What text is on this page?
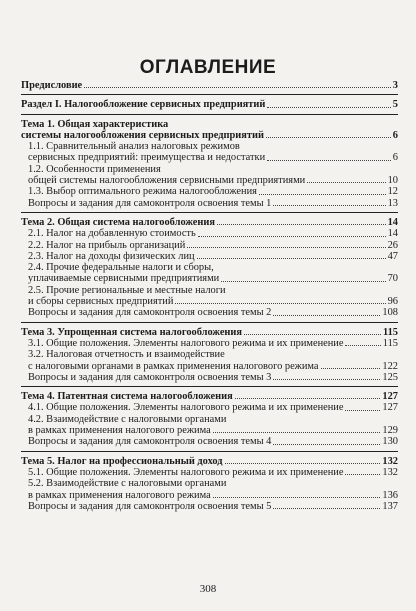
ОГЛАВЛЕНИЕ
Предисловие	3
Раздел I. Налогообложение сервисных предприятий	5
Тема 1. Общая характеристика
системы налогообложения сервисных предприятий	6
1.1. Сравнительный анализ налоговых режимов
сервисных предприятий: преимущества и недостатки	6
1.2. Особенности применения
общей системы налогообложения сервисными предприятиями	10
1.3. Выбор оптимального режима налогообложения	12
Вопросы и задания для самоконтроля освоения темы 1	13
Тема 2. Общая система налогообложения	14
2.1. Налог на добавленную стоимость	14
2.2. Налог на прибыль организаций	26
2.3. Налог на доходы физических лиц	47
2.4. Прочие федеральные налоги и сборы,
уплачиваемые сервисными предприятиями	70
2.5. Прочие региональные и местные налоги
и сборы сервисных предприятий	96
Вопросы и задания для самоконтроля освоения темы 2	108
Тема 3. Упрощенная система налогообложения	115
3.1. Общие положения. Элементы налогового режима и их применение	115
3.2. Налоговая отчетность и взаимодействие
с налоговыми органами в рамках применения налогового режима	122
Вопросы и задания для самоконтроля освоения темы 3	125
Тема 4. Патентная система налогообложения	127
4.1. Общие положения. Элементы налогового режима и их применение	127
4.2. Взаимодействие с налоговыми органами
в рамках применения налогового режима	129
Вопросы и задания для самоконтроля освоения темы 4	130
Тема 5. Налог на профессиональный доход	132
5.1. Общие положения. Элементы налогового режима и их применение	132
5.2. Взаимодействие с налоговыми органами
в рамках применения налогового режима	136
Вопросы и задания для самоконтроля освоения темы 5	137
308
